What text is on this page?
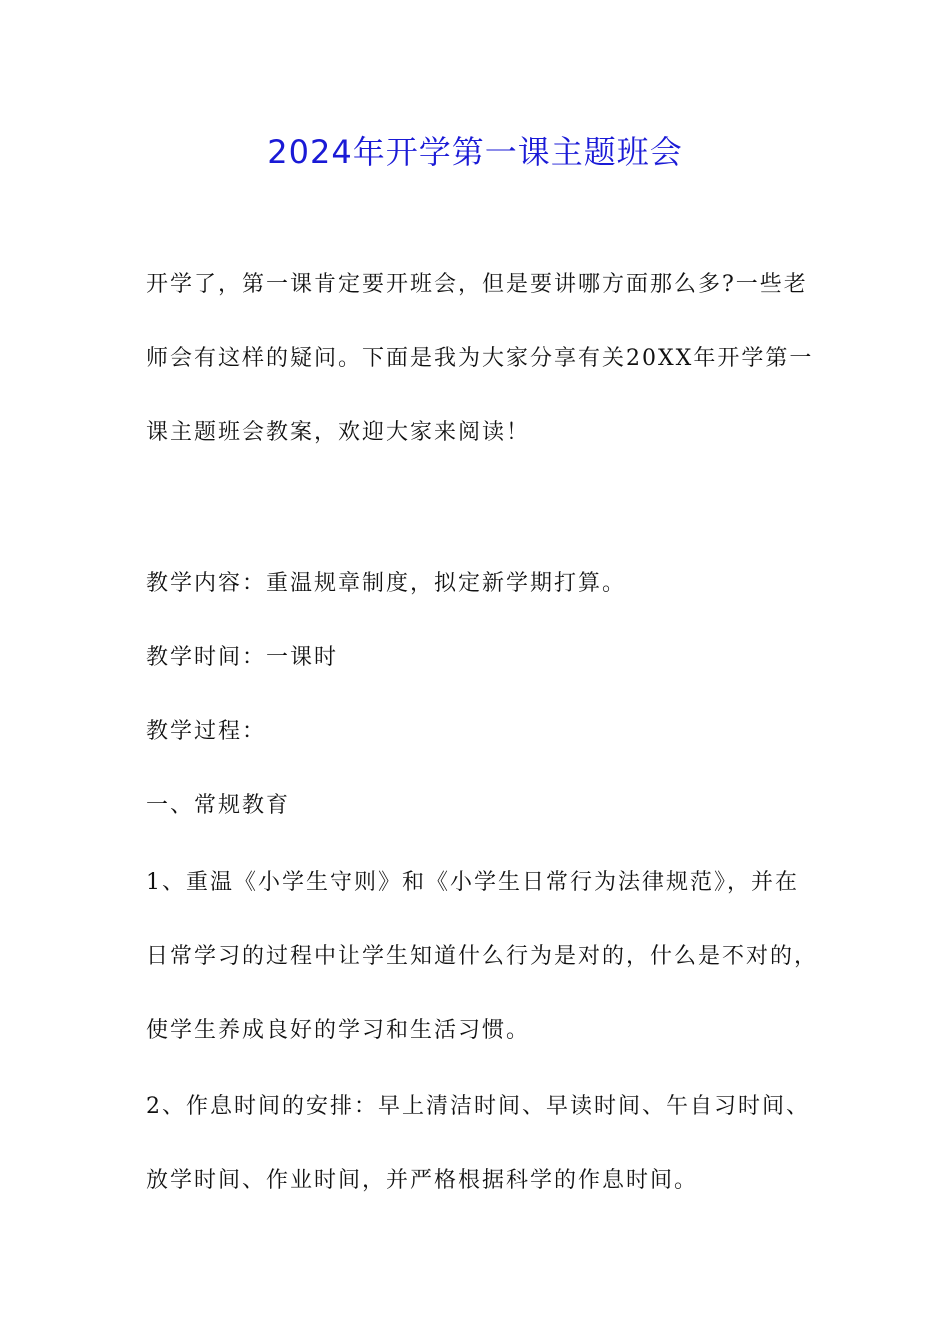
2024年开学第一课主题班会
开学了，第一课肯定要开班会，但是要讲哪方面那么多?一些老
师会有这样的疑问。下面是我为大家分享有关20XX年开学第一
课主题班会教案，欢迎大家来阅读！
教学内容：重温规章制度，拟定新学期打算。
教学时间：一课时
教学过程：
一、常规教育
1、重温《小学生守则》和《小学生日常行为法律规范》，并在
日常学习的过程中让学生知道什么行为是对的，什么是不对的，
使学生养成良好的学习和生活习惯。
2、作息时间的安排：早上清洁时间、早读时间、午自习时间、
放学时间、作业时间，并严格根据科学的作息时间。
